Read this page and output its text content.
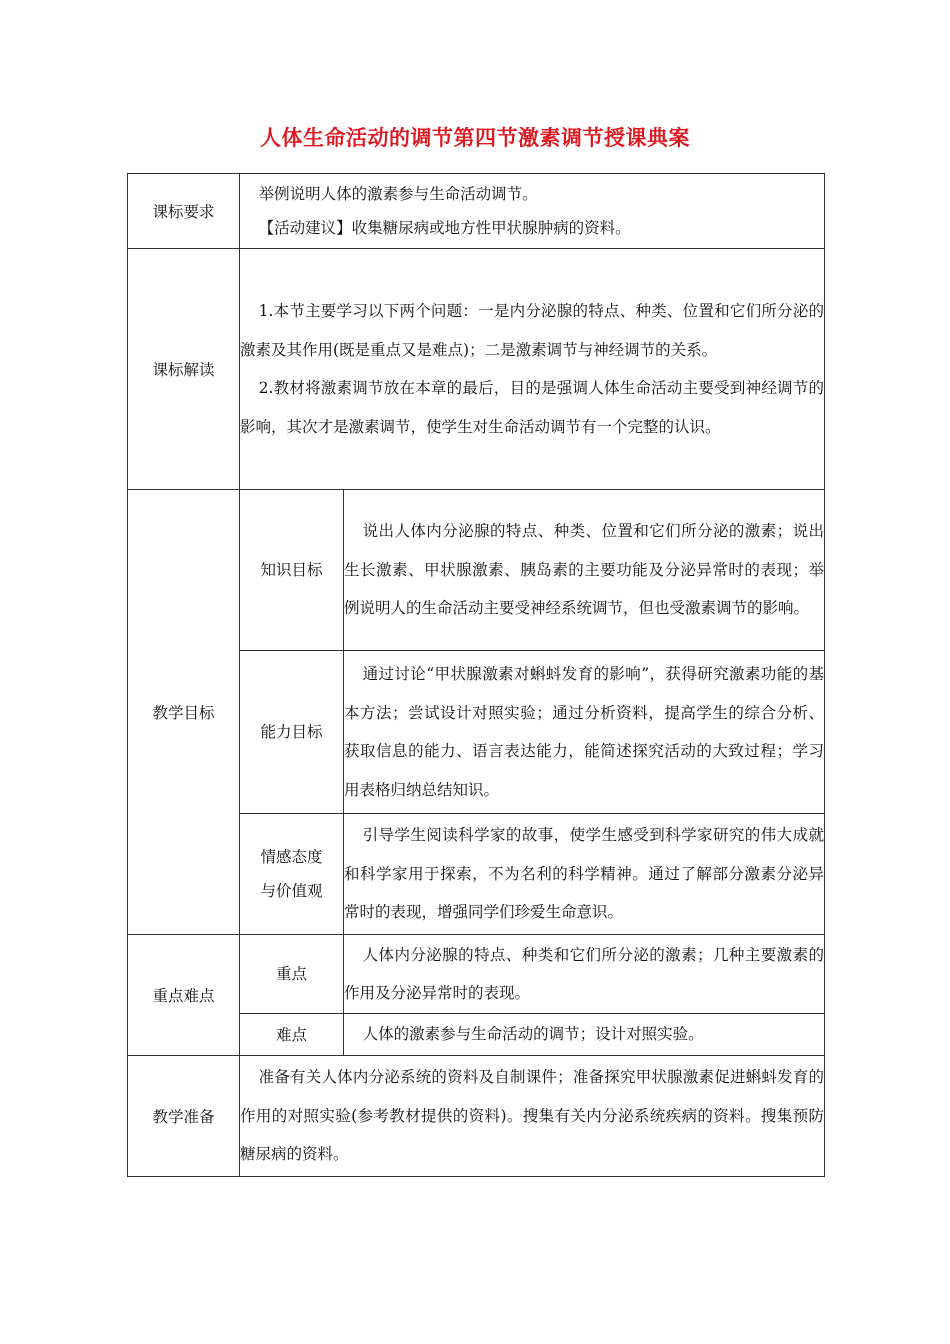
人体生命活动的调节第四节激素调节授课典案
课标要求	举例说明人体的激素参与生命活动调节。

【活动建议】收集糖尿病或地方性甲状腺肿病的资料。	

课标解读	1.本节主要学习以下两个问题：一是内分泌腺的特点、种类、位置和它们所分泌的激素及其作用(既是重点又是难点)；二是激素调节与神经调节的关系。

2.教材将激素调节放在本章的最后，目的是强调人体生命活动主要受到神经调节的影响，其次才是激素调节，使学生对生命活动调节有一个完整的认识。	

教学目标	知识目标	说出人体内分泌腺的特点、种类、位置和它们所分泌的激素；说出生长激素、甲状腺激素、胰岛素的主要功能及分泌异常时的表现；举例说明人的生命活动主要受神经系统调节，但也受激素调节的影响。

	能力目标	通过讨论“甲状腺激素对蝌蚪发育的影响”，获得研究激素功能的基本方法；尝试设计对照实验；通过分析资料，提高学生的综合分析、获取信息的能力、语言表达能力，能简述探究活动的大致过程；学习用表格归纳总结知识。

	情感态度
与价值观	引导学生阅读科学家的故事，使学生感受到科学家研究的伟大成就和科学家用于探索，不为名利的科学精神。通过了解部分激素分泌异常时的表现，增强同学们珍爱生命意识。

重点难点	重点	人体内分泌腺的特点、种类和它们所分泌的激素；几种主要激素的作用及分泌异常时的表现。

	难点	人体的激素参与生命活动的调节；设计对照实验。

教学准备	准备有关人体内分泌系统的资料及自制课件；准备探究甲状腺激素促进蝌蚪发育的作用的对照实验(参考教材提供的资料)。搜集有关内分泌系统疾病的资料。搜集预防糖尿病的资料。	
